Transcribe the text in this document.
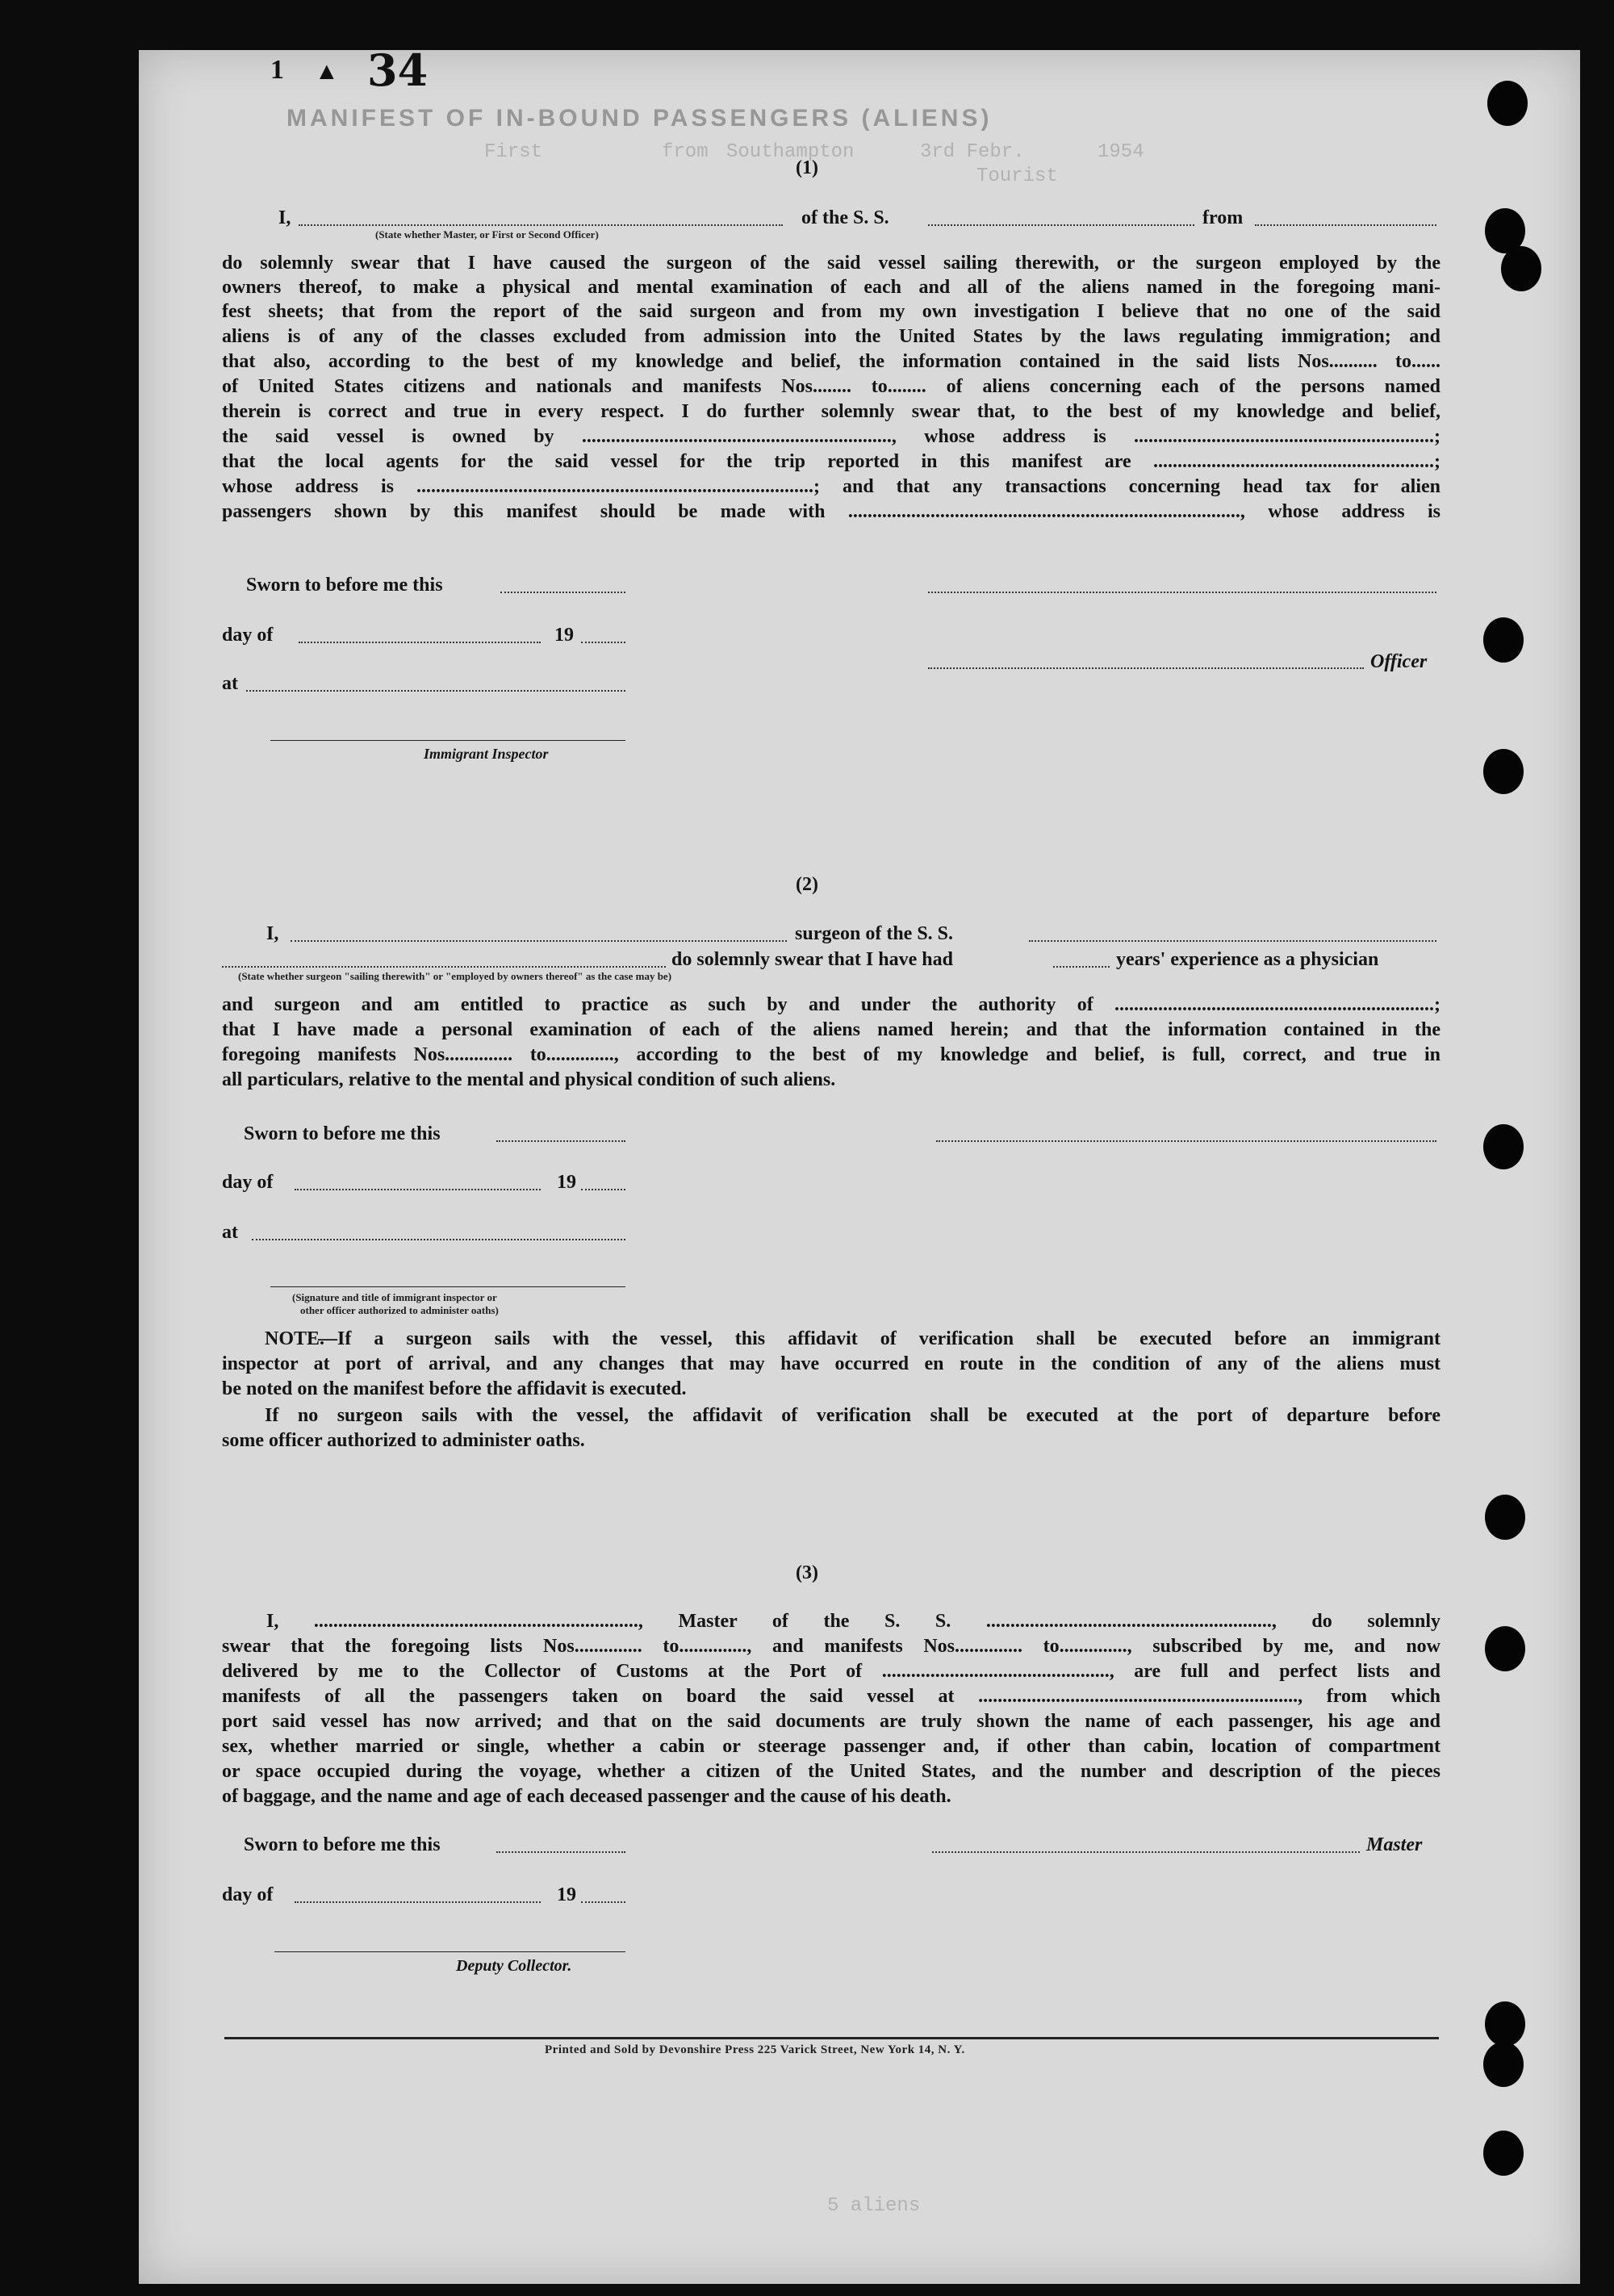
1 ▲ 34
MANIFEST OF IN-BOUND PASSENGERS (ALIENS)
First	from Southampton	3rd Febr.	1954
Tourist
(1)
I,
(State whether Master, or First or Second Officer)
of the S. S.	from
do solemnly swear that I have caused the surgeon of the said vessel sailing therewith, or the surgeon employed by the
owners thereof, to make a physical and mental examination of each and all of the aliens named in the foregoing mani-
fest sheets; that from the report of the said surgeon and from my own investigation I believe that no one of the said
aliens is of any of the classes excluded from admission into the United States by the laws regulating immigration; and
that also, according to the best of my knowledge and belief, the information contained in the said lists Nos.......... to......
of United States citizens and nationals and manifests Nos........ to........ of aliens concerning each of the persons named
therein is correct and true in every respect. I do further solemnly swear that, to the best of my knowledge and belief,
the said vessel is owned by ................................................................, whose address is ..............................................................;
that the local agents for the said vessel for the trip reported in this manifest are ..........................................................;
whose address is ..................................................................................; and that any transactions concerning head tax for alien
passengers shown by this manifest should be made with ................................................................................., whose address is
Sworn to before me this
day of	19
Officer
at
Immigrant Inspector
(2)
I,	surgeon of the S. S.
do solemnly swear that I have had	years' experience as a physician
(State whether surgeon "sailing therewith" or "employed by owners thereof" as the case may be)
and surgeon and am entitled to practice as such by and under the authority of ..................................................................;
that I have made a personal examination of each of the aliens named herein; and that the information contained in the
foregoing manifests Nos.............. to.............., according to the best of my knowledge and belief, is full, correct, and true in
all particulars, relative to the mental and physical condition of such aliens.
Sworn to before me this
day of	19
at
(Signature and title of immigrant inspector or
other officer authorized to administer oaths)
NOTE.
—If a surgeon sails with the vessel, this affidavit of verification shall be executed before an immigrant
inspector at port of arrival, and any changes that may have occurred en route in the condition of any of the aliens must
be noted on the manifest before the affidavit is executed.
If no surgeon sails with the vessel, the affidavit of verification shall be executed at the port of departure before
some officer authorized to administer oaths.
(3)
I, ..................................................................., Master of the S. S. ..........................................................., do solemnly
swear that the foregoing lists Nos.............. to.............., and manifests Nos.............. to.............., subscribed by me, and now
delivered by me to the Collector of Customs at the Port of ..............................................., are full and perfect lists and
manifests of all the passengers taken on board the said vessel at .................................................................., from which
port said vessel has now arrived; and that on the said documents are truly shown the name of each passenger, his age and
sex, whether married or single, whether a cabin or steerage passenger and, if other than cabin, location of compartment
or space occupied during the voyage, whether a citizen of the United States, and the number and description of the pieces
of baggage, and the name and age of each deceased passenger and the cause of his death.
Sworn to before me this	Master
day of	19
Deputy Collector.
Printed and Sold by Devonshire Press 225 Varick Street, New York 14, N. Y.
5 aliens
